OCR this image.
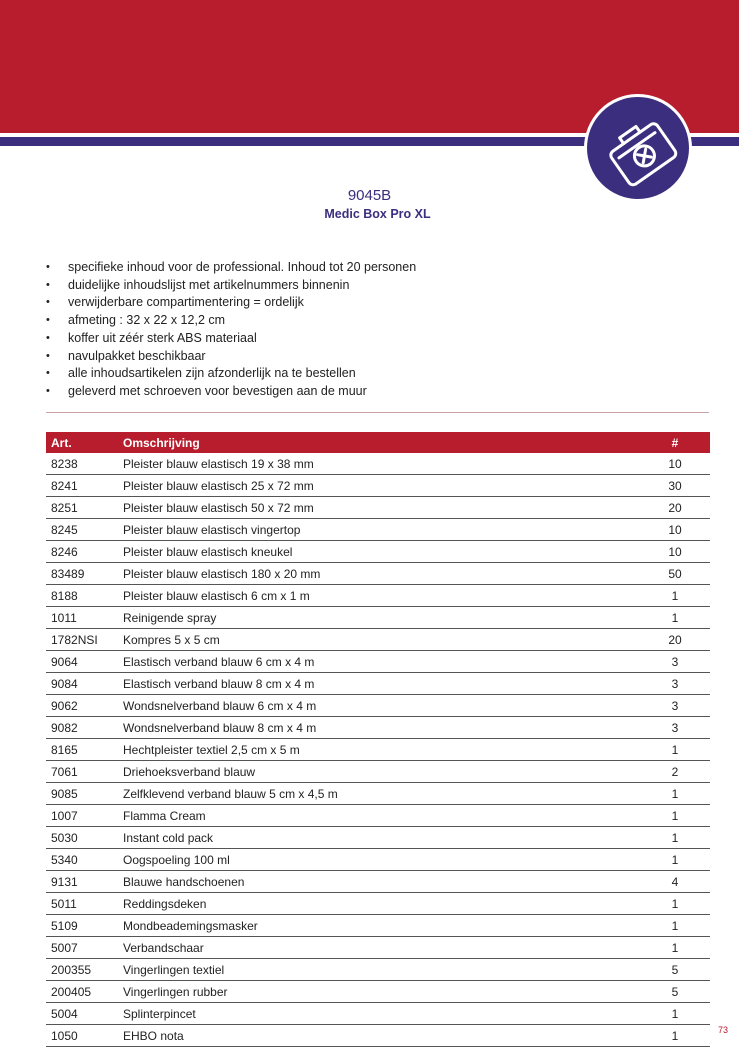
9045B
Medic Box Pro XL
• specifieke inhoud voor de professional. Inhoud tot 20 personen
• duidelijke inhoudslijst met artikelnummers binnenin
• verwijderbare compartimentering = ordelijk
• afmeting : 32 x 22 x 12,2 cm
• koffer uit zéér sterk ABS materiaal
• navulpakket beschikbaar
• alle inhoudsartikelen zijn afzonderlijk na te bestellen
• geleverd met schroeven voor bevestigen aan de muur
Art.	Omschrijving	#
8238	Pleister blauw elastisch 19 x 38 mm	10
8241	Pleister blauw elastisch 25 x 72 mm	30
8251	Pleister blauw elastisch 50 x 72 mm	20
8245	Pleister blauw elastisch vingertop	10
8246	Pleister blauw elastisch kneukel	10
83489	Pleister blauw elastisch 180 x 20 mm	50
8188	Pleister blauw elastisch 6 cm x 1 m	1
1011	Reinigende spray	1
1782NSI	Kompres 5 x 5 cm	20
9064	Elastisch verband blauw 6 cm x 4 m	3
9084	Elastisch verband blauw 8 cm x 4 m	3
9062	Wondsnelverband blauw 6 cm x 4 m	3
9082	Wondsnelverband blauw 8 cm x 4 m	3
8165	Hechtpleister textiel 2,5 cm x 5 m	1
7061	Driehoeksverband blauw	2
9085	Zelfklevend verband blauw 5 cm x 4,5 m	1
1007	Flamma Cream	1
5030	Instant cold pack	1
5340	Oogspoeling 100 ml	1
9131	Blauwe handschoenen	4
5011	Reddingsdeken	1
5109	Mondbeademingsmasker	1
5007	Verbandschaar	1
200355	Vingerlingen textiel	5
200405	Vingerlingen rubber	5
5004	Splinterpincet	1
1050	EHBO nota	1	73
